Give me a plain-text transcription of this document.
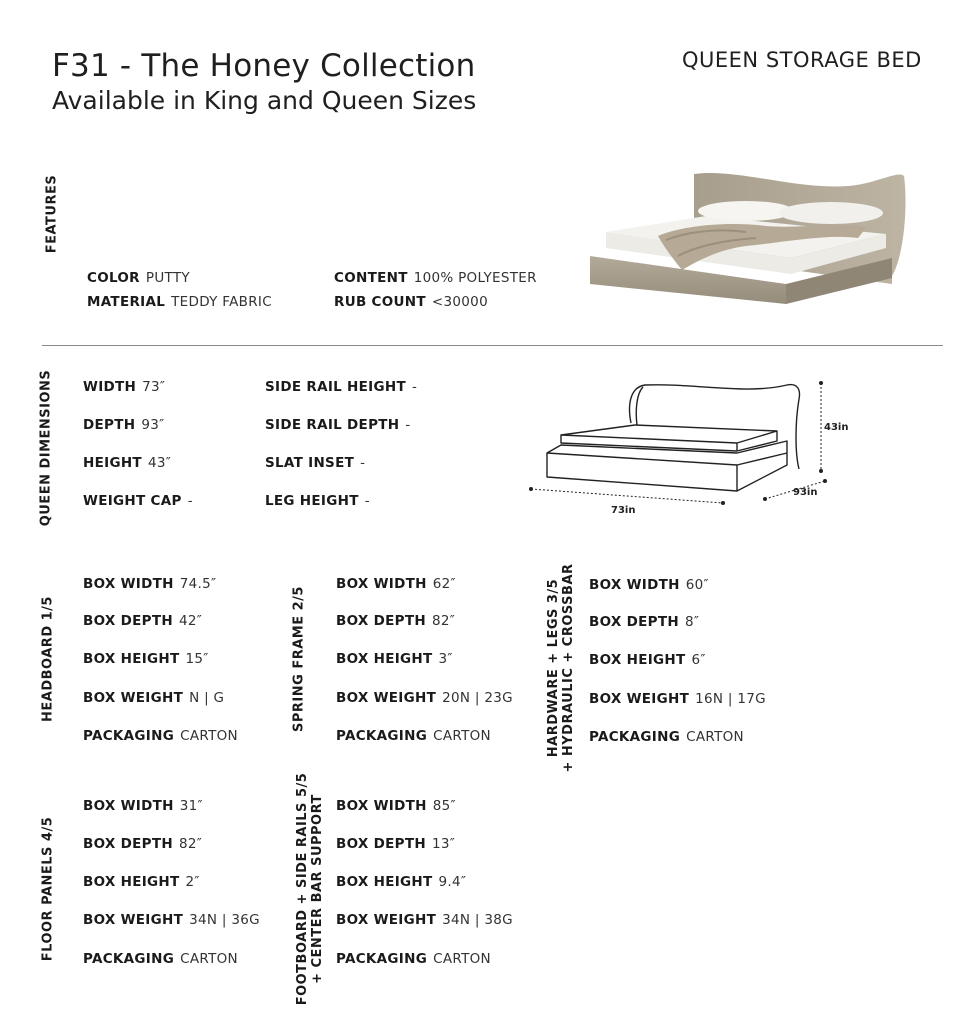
F31 - The Honey Collection
Available in King and Queen Sizes
QUEEN STORAGE BED
FEATURES
COLOR PUTTY
MATERIAL TEDDY FABRIC
CONTENT 100% POLYESTER
RUB COUNT <30000
QUEEN DIMENSIONS WIDTH 73″
DEPTH 93″
HEIGHT 43″
WEIGHT CAP -
SIDE RAIL HEIGHT -
SIDE RAIL DEPTH -
SLAT INSET -
LEG HEIGHT -
43in
73in
93in
HEADBOARD 1/5
BOX WIDTH 74.5″
BOX DEPTH 42″
BOX HEIGHT 15″
BOX WEIGHT N | G
PACKAGING CARTON
SPRING FRAME 2/5
BOX WIDTH 62″
BOX DEPTH 82″
BOX HEIGHT 3″
BOX WEIGHT 20N | 23G
PACKAGING CARTON	HARDWARE + LEGS 3/5 + HYDRAULIC + CROSSBAR BOX WIDTH 60″
BOX DEPTH 8″
BOX HEIGHT 6″
BOX WEIGHT 16N | 17G
PACKAGING CARTON
FLOOR PANELS 4/5
BOX WIDTH 31″
BOX DEPTH 82″
BOX HEIGHT 2″
BOX WEIGHT 34N | 36G
PACKAGING CARTON	FOOTBOARD + SIDE RAILS 5/5 + CENTER BAR SUPPORT BOX WIDTH 85″
BOX DEPTH 13″
BOX HEIGHT 9.4″
BOX WEIGHT 34N | 38G
PACKAGING CARTON
